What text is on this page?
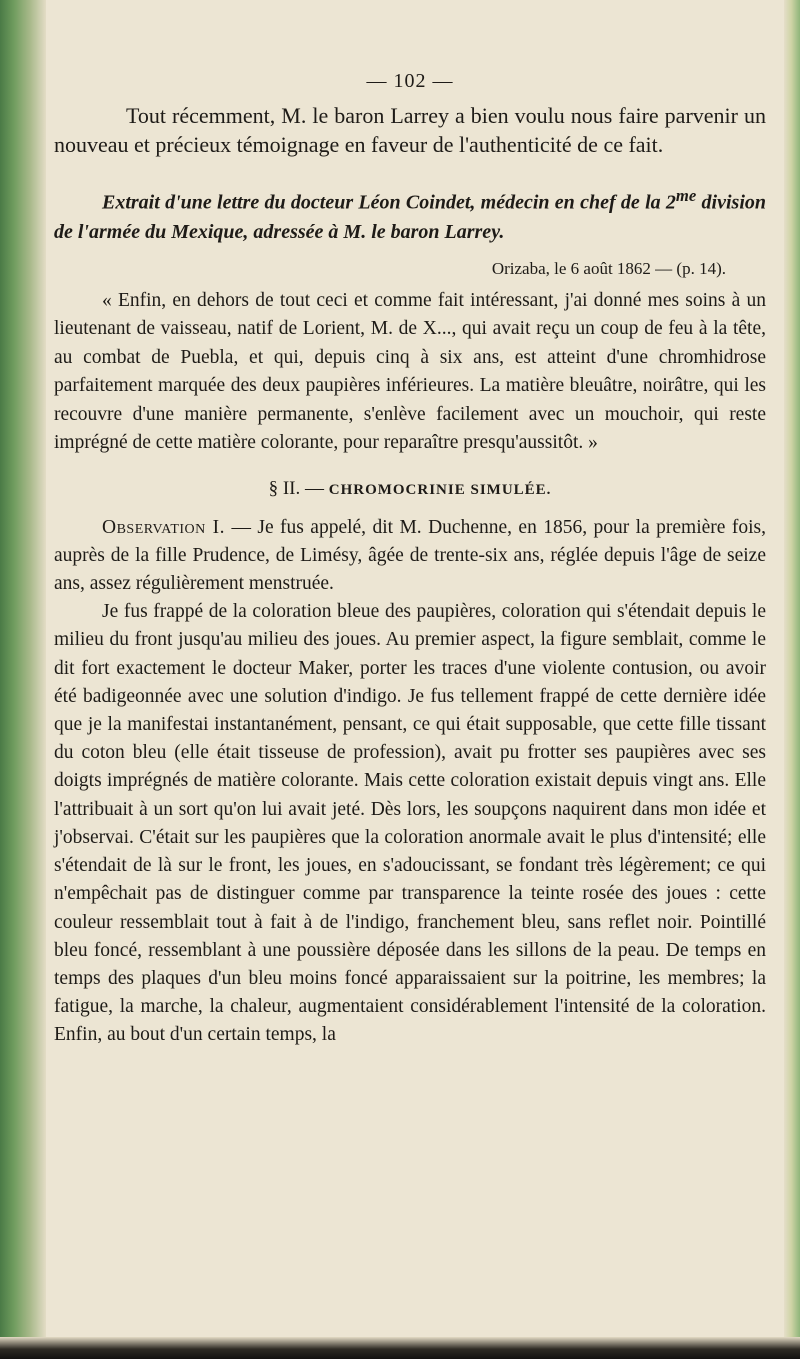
— 102 —

Tout récemment, M. le baron Larrey a bien voulu nous faire parvenir un nouveau et précieux témoignage en faveur de l'authenticité de ce fait.

Extrait d'une lettre du docteur Léon Coindet, médecin en chef de la $2^{me}$ division de l'armée du Mexique, adressée à M. le baron Larrey.

Orizaba, le 6 août 1862 — (p. 14).

« Enfin, en dehors de tout ceci et comme fait intéressant, j'ai donné mes soins à un lieutenant de vaisseau, natif de Lorient, M. de X..., qui avait reçu un coup de feu à la tête, au combat de Puebla, et qui, depuis cinq à six ans, est atteint d'une chromhidrose parfaitement marquée des deux paupières inférieures. La matière bleuâtre, noirâtre, qui les recouvre d'une manière permanente, s'enlève facilement avec un mouchoir, qui reste imprégné de cette matière colorante, pour reparaître presqu'aussitôt. »

§ II. — CHROMOCRINIE SIMULÉE.

Observation I. — Je fus appelé, dit M. Duchenne, en 1856, pour la première fois, auprès de la fille Prudence, de Limésy, âgée de trente-six ans, réglée depuis l'âge de seize ans, assez régulièrement menstruée.

Je fus frappé de la coloration bleue des paupières, coloration qui s'étendait depuis le milieu du front jusqu'au milieu des joues. Au premier aspect, la figure semblait, comme le dit fort exactement le docteur Maker, porter les traces d'une violente contusion, ou avoir été badigeonnée avec une solution d'indigo. Je fus tellement frappé de cette dernière idée que je la manifestai instantanément, pensant, ce qui était supposable, que cette fille tissant du coton bleu (elle était tisseuse de profession), avait pu frotter ses paupières avec ses doigts imprégnés de matière colorante. Mais cette coloration existait depuis vingt ans. Elle l'attribuait à un sort qu'on lui avait jeté. Dès lors, les soupçons naquirent dans mon idée et j'observai. C'était sur les paupières que la coloration anormale avait le plus d'intensité; elle s'étendait de là sur le front, les joues, en s'adoucissant, se fondant très légèrement; ce qui n'empêchait pas de distinguer comme par transparence la teinte rosée des joues : cette couleur ressemblait tout à fait à de l'indigo, franchement bleu, sans reflet noir. Pointillé bleu foncé, ressemblant à une poussière déposée dans les sillons de la peau. De temps en temps des plaques d'un bleu moins foncé apparaissaient sur la poitrine, les membres; la fatigue, la marche, la chaleur, augmentaient considérablement l'intensité de la coloration. Enfin, au bout d'un certain temps, la
